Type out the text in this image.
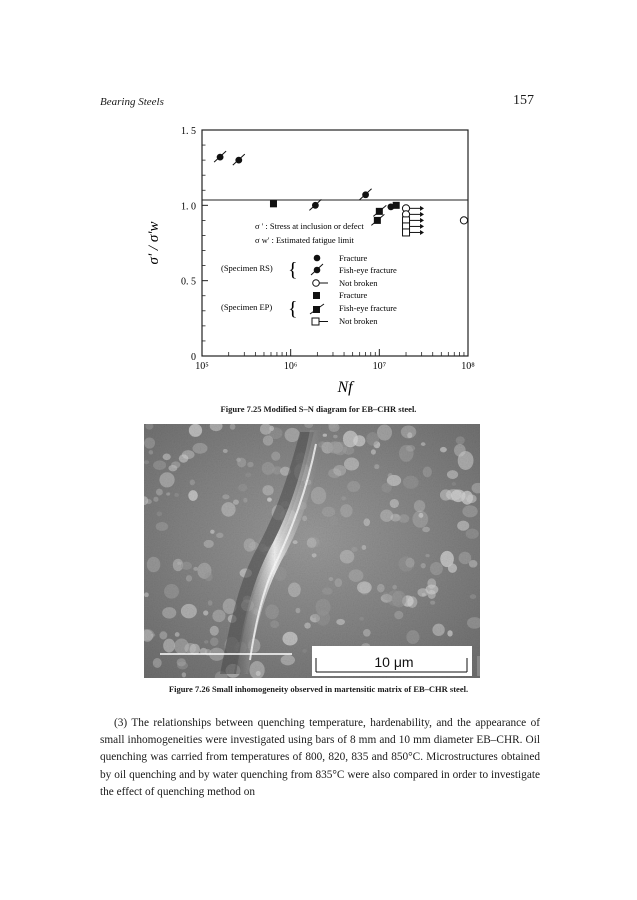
Bearing Steels	157
0
0. 5
1. 0
1. 5
10⁵	10⁶	10⁷	10⁸
σ' / σ'w
Nf
σ ' : Stress at inclusion or defect
σ w' : Estimated fatigue limit
(Specimen RS) {
Fracture
Fish-eye fracture
Not broken
(Specimen EP) {
Fracture
Fish-eye fracture
Not broken
Figure 7.25 Modified S–N diagram for EB–CHR steel.
10 μm
Figure 7.26 Small inhomogeneity observed in martensitic matrix of EB–CHR steel.

(3) The relationships between quenching temperature, hardenability, and the appearance of small inhomogeneities were investigated using bars of 8 mm and 10 mm diameter EB–CHR. Oil quenching was carried from temperatures of 800, 820, 835 and 850°C. Microstructures obtained by oil quenching and by water quenching from 835°C were also compared in order to investigate the effect of quenching method on
